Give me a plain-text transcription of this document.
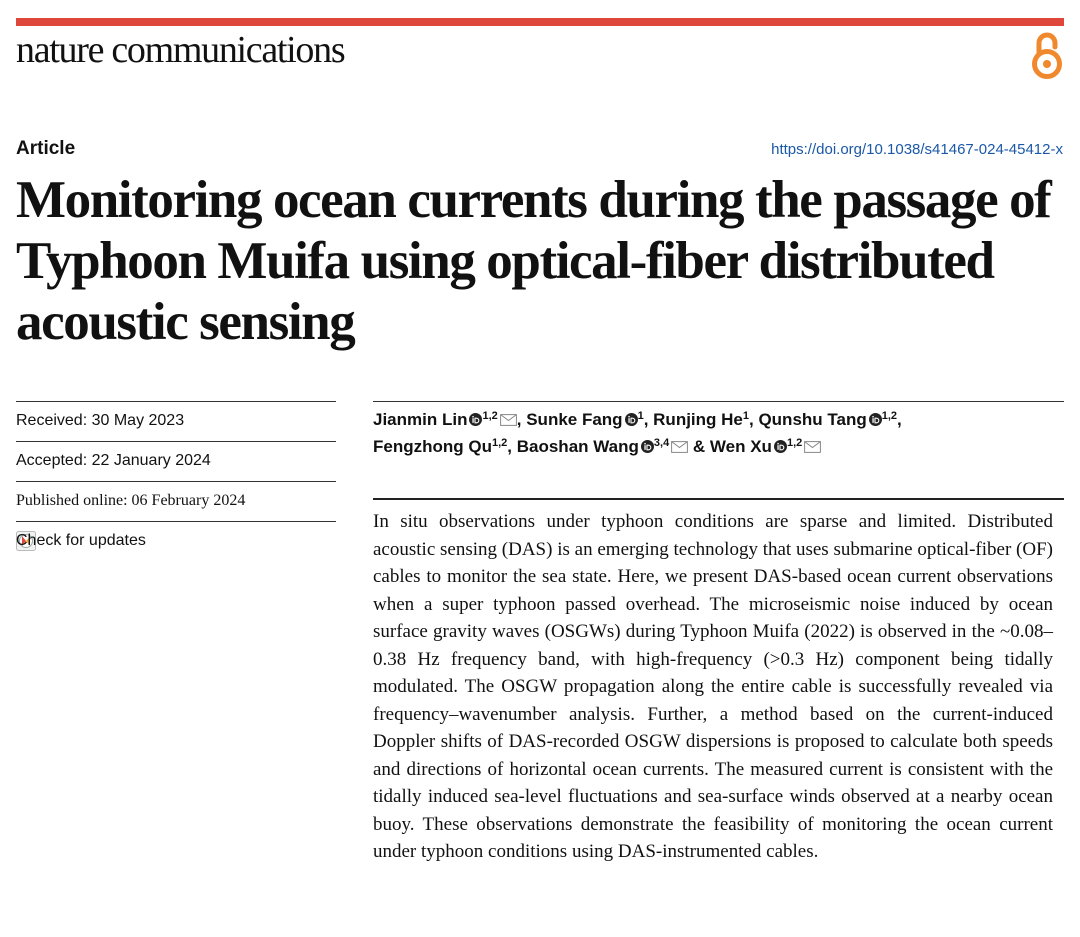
nature communications
Article	https://doi.org/10.1038/s41467-024-45412-x
Monitoring ocean currents during the passage of Typhoon Muifa using optical-fiber distributed acoustic sensing
Received: 30 May 2023
Accepted: 22 January 2024
Published online: 06 February 2024
Check for updates
Jianmin Lin $^{1,2}$ , Sunke Fang $^1$, Runjing He$^1$, Qunshu Tang $^{1,2}$,
Fengzhong Qu$^{1,2}$, Baoshan Wang $^{3,4}$ & Wen Xu $^{1,2}$

In situ observations under typhoon conditions are sparse and limited. Distributed acoustic sensing (DAS) is an emerging technology that uses submarine optical-fiber (OF) cables to monitor the sea state. Here, we present DAS-based ocean current observations when a super typhoon passed overhead. The microseismic noise induced by ocean surface gravity waves (OSGWs) during Typhoon Muifa (2022) is observed in the ~0.08–0.38 Hz frequency band, with high-frequency (>0.3 Hz) component being tidally modulated. The OSGW propagation along the entire cable is successfully revealed via frequency–wavenumber analysis. Further, a method based on the current-induced Doppler shifts of DAS-recorded OSGW dispersions is proposed to calculate both speeds and directions of horizontal ocean currents. The measured current is consistent with the tidally induced sea-level fluctuations and sea-surface winds observed at a nearby ocean buoy. These observations demonstrate the feasibility of monitoring the ocean current under typhoon conditions using DAS-instrumented cables.
